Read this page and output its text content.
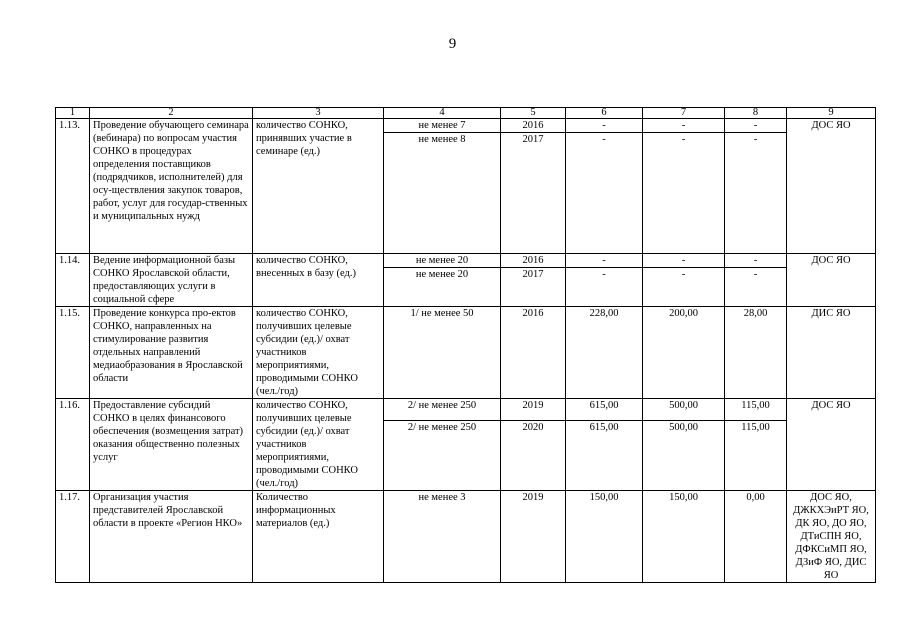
9
1	2	3	4	5	6	7	8	9
1.13.	Проведение обучающего семинара (вебинара) по вопросам участия СОНКО в процедурах определения поставщиков (подрядчиков, исполнителей) для осу-ществления закупок товаров, работ, услуг для государ-ственных и муниципальных нужд	количество СОНКО, принявших участие в семинаре (ед.)	не менее 7	2016	-	-	-	ДОС ЯО
			не менее 8	2017	-	-	-	
1.14.	Ведение информационной базы СОНКО Ярославской области, предоставляющих услуги в социальной сфере	количество СОНКО, внесенных в базу (ед.)	не менее 20	2016	-	-	-	ДОС ЯО
			не менее 20	2017	-	-	-	
1.15.	Проведение конкурса про-ектов СОНКО, направленных на стимулирование развития отдельных направлений медиаобразования в Ярославской области	количество СОНКО, получивших целевые субсидии (ед.)/ охват участников мероприятиями, проводимыми СОНКО (чел./год)	1/ не менее 50	2016	228,00	200,00	28,00	ДИС ЯО
1.16.	Предоставление субсидий СОНКО в целях финансового обеспечения (возмещения затрат) оказания общественно полезных услуг	количество СОНКО, получивших целевые субсидии (ед.)/ охват участников мероприятиями, проводимыми СОНКО (чел./год)	2/ не менее 250	2019	615,00	500,00	115,00	ДОС ЯО
			2/ не менее 250	2020	615,00	500,00	115,00	
1.17.	Организация участия представителей Ярославской области в проекте «Регион НКО»	Количество информационных материалов (ед.)	не менее 3	2019	150,00	150,00	0,00	ДОС ЯО, ДЖКХЭиРТ ЯО, ДК ЯО, ДО ЯО, ДТиСПН ЯО, ДФКСиМП ЯО, ДЗиФ ЯО, ДИС ЯО
